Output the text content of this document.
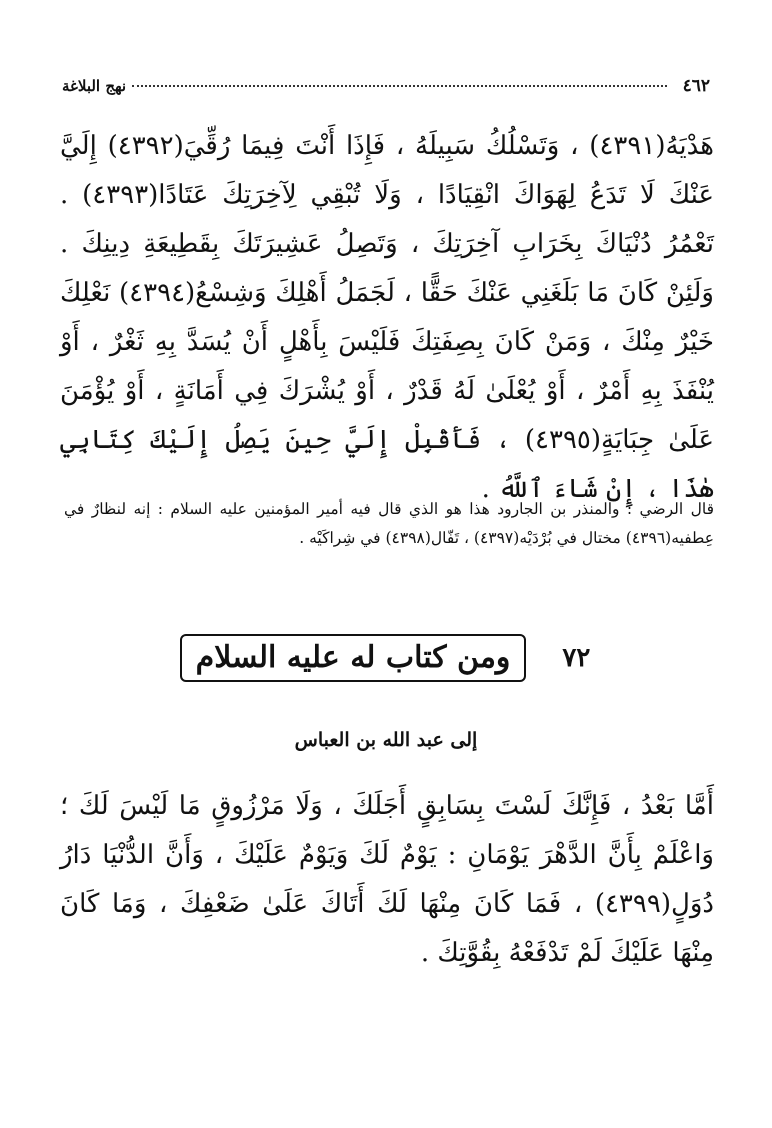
٤٦٢
نهج البلاغة

هَدْيَهُ(٤٣٩١) ، وَتَسْلُكُ سَبِيلَهُ ، فَإِذَا أَنْتَ فِيمَا رُقِّيَ(٤٣٩٢) إِلَيَّ عَنْكَ لَا تَدَعُ لِهَوَاكَ انْقِيَادًا ، وَلَا تُبْقِي لِآخِرَتِكَ عَتَادًا(٤٣٩٣) . تَعْمُرُ دُنْيَاكَ بِخَرَابِ آخِرَتِكَ ، وَتَصِلُ عَشِيرَتَكَ بِقَطِيعَةِ دِينِكَ . وَلَئِنْ كَانَ مَا بَلَغَنِي عَنْكَ حَقًّا ، لَجَمَلُ أَهْلِكَ وَشِسْعُ(٤٣٩٤) نَعْلِكَ خَيْرٌ مِنْكَ ، وَمَنْ كَانَ بِصِفَتِكَ فَلَيْسَ بِأَهْلٍ أَنْ يُسَدَّ بِهِ ثَغْرٌ ، أَوْ يُنْفَذَ بِهِ أَمْرٌ ، أَوْ يُعْلَىٰ لَهُ قَدْرٌ ، أَوْ يُشْرَكَ فِي أَمَانَةٍ ، أَوْ يُؤْمَنَ عَلَىٰ جِبَايَةٍ(٤٣٩٥) ، فَأَقْبِلْ إِلَيَّ حِينَ يَصِلُ إِلَيْكَ كِتَابِي هٰذَا ، إِنْ شَاءَ ٱللَّهُ .

قال الرضي : والمنذر بن الجارود هذا هو الذي قال فيه أمير المؤمنين عليه السلام : إنه لنظارٌ في عِطفيه(٤٣٩٦) مختال في بُرْدَيْه(٤٣٩٧) ، تَفّال(٤٣٩٨) في شِراكَيْه .

٧٢
ومن كتاب له عليه السلام

إلى عبد الله بن العباس

أَمَّا بَعْدُ ، فَإِنَّكَ لَسْتَ بِسَابِقٍ أَجَلَكَ ، وَلَا مَرْزُوقٍ مَا لَيْسَ لَكَ ؛ وَاعْلَمْ بِأَنَّ الدَّهْرَ يَوْمَانِ : يَوْمٌ لَكَ وَيَوْمٌ عَلَيْكَ ، وَأَنَّ الدُّنْيَا دَارُ دُوَلٍ(٤٣٩٩) ، فَمَا كَانَ مِنْهَا لَكَ أَتَاكَ عَلَىٰ ضَعْفِكَ ، وَمَا كَانَ مِنْهَا عَلَيْكَ لَمْ تَدْفَعْهُ بِقُوَّتِكَ .
